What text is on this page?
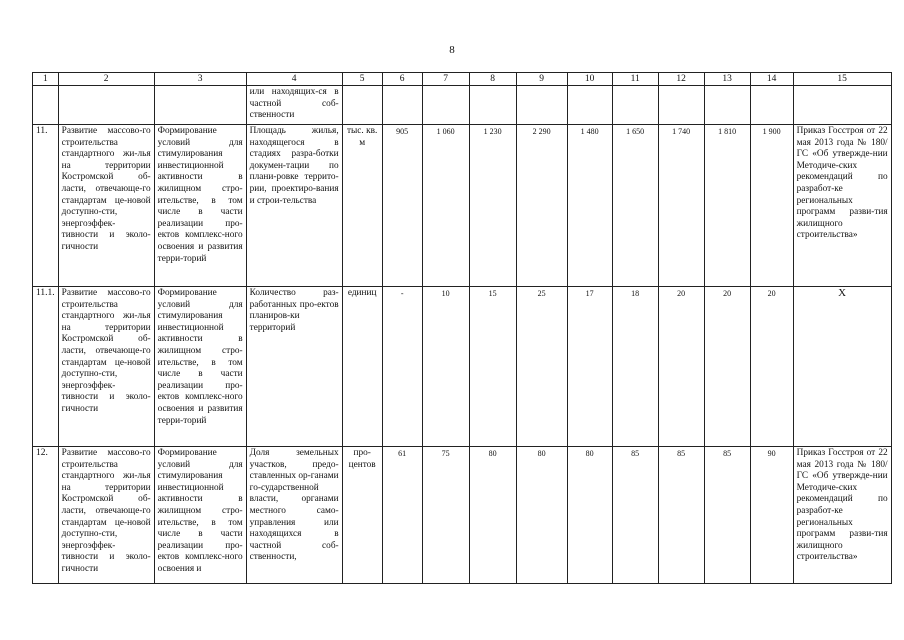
8
1	2	3	4	5	6	7	8	9	10	11	12	13	14	15
			или находящих-ся в частной соб-ственности											
11.	Развитие массово-го строительства стандартного жи-лья на территории Костромской об-ласти, отвечающе-го стандартам це-новой доступно-сти, энергоэффек-тивности и эколо-гичности	Формирование условий для стимулирования инвестиционной активности в жилищном стро-ительстве, в том числе в части реализации про-ектов комплекс-ного освоения и развития терри-торий	Площадь жилья, находящегося в стадиях разра-ботки докумен-тации по плани-ровке террито-рии, проектиро-вания и строи-тельства	тыс. кв. м	905	1 060	1 230	2 290	1 480	1 650	1 740	1 810	1 900	Приказ Госстроя от 22 мая 2013 года № 180/ГС «Об утвержде-нии Методиче-ских рекомендаций по разработ-ке региональных программ разви-тия жилищного строительства»

11.1.	Развитие массово-го строительства стандартного жи-лья на территории Костромской об-ласти, отвечающе-го стандартам це-новой доступно-сти, энергоэффек-тивности и эколо-гичности	Формирование условий для стимулирования инвестиционной активности в жилищном стро-ительстве, в том числе в части реализации про-ектов комплекс-ного освоения и развития терри-торий	Количество раз-работанных про-ектов планиров-ки территорий	единиц	-	10	15	25	17	18	20	20	20	Х
12.	Развитие массово-го строительства стандартного жи-лья на территории Костромской об-ласти, отвечающе-го стандартам це-новой доступно-сти, энергоэффек-тивности и эколо-гичности	Формирование условий для стимулирования инвестиционной активности в жилищном стро-ительстве, в том числе в части реализации про-ектов комплекс-ного освоения и	Доля земельных участков, предо-ставленных ор-ганами го-сударственной власти, органами местного само-управления или находящихся в частной соб-ственности,	про-центов	61	75	80	80	80	85	85	85	90	Приказ Госстроя от 22 мая 2013 года № 180/ГС «Об утвержде-нии Методиче-ских рекомендаций по разработ-ке региональных программ разви-тия жилищного строительства»
